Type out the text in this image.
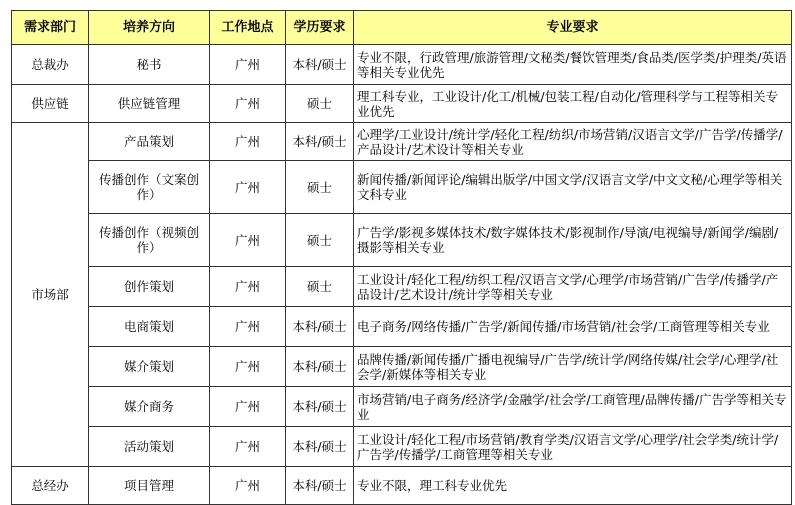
需求部门	培养方向	工作地点	学历要求	专业要求
总裁办	秘书	广州	本科/硕士	专业不限，行政管理/旅游管理/文秘类/餐饮管理类/食品类/医学类/护理类/英语等相关专业优先
供应链	供应链管理	广州	硕士	理工科专业，工业设计/化工/机械/包装工程/自动化/管理科学与工程等相关专业优先
市场部	产品策划	广州	本科/硕士	心理学/工业设计/统计学/轻化工程/纺织/市场营销/汉语言文学/广告学/传播学/产品设计/艺术设计等相关专业
	传播创作（文案创作）	广州	硕士	新闻传播/新闻评论/编辑出版学/中国文学/汉语言文学/中文文秘/心理学等相关文科专业
	传播创作（视频创作）	广州	硕士	广告学/影视多媒体技术/数字媒体技术/影视制作/导演/电视编导/新闻学/编剧/摄影等相关专业
	创作策划	广州	硕士	工业设计/轻化工程/纺织工程/汉语言文学/心理学/市场营销/广告学/传播学/产品设计/艺术设计/统计学等相关专业
	电商策划	广州	本科/硕士	电子商务/网络传播/广告学/新闻传播/市场营销/社会学/工商管理等相关专业
	媒介策划	广州	本科/硕士	品牌传播/新闻传播/广播电视编导/广告学/统计学/网络传媒/社会学/心理学/社会学/新媒体等相关专业
	媒介商务	广州	本科/硕士	市场营销/电子商务/经济学/金融学/社会学/工商管理/品牌传播/广告学等相关专业
	活动策划	广州	本科/硕士	工业设计/轻化工程/市场营销/教育学类/汉语言文学/心理学/社会学类/统计学/广告学/传播学/工商管理等相关专业
总经办	项目管理	广州	本科/硕士	专业不限，理工科专业优先
